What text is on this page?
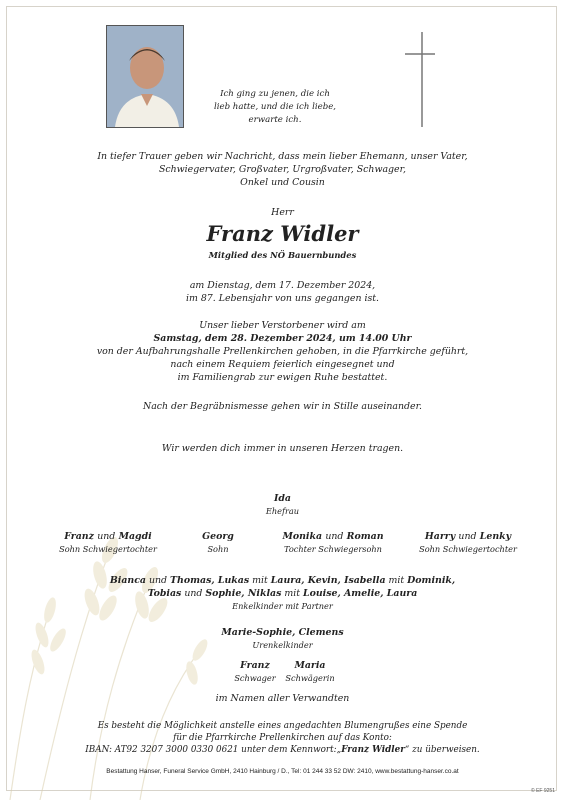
Ich ging zu jenen, die ich
lieb hatte, und die ich liebe,
erwarte ich.
In tiefer Trauer geben wir Nachricht, dass mein lieber Ehemann, unser Vater,
Schwiegervater, Großvater, Urgroßvater, Schwager,
Onkel und Cousin
Herr
Franz Widler
Mitglied des NÖ Bauernbundes
am Dienstag, dem 17. Dezember 2024,
im 87. Lebensjahr von uns gegangen ist.
Unser lieber Verstorbener wird am
Samstag, dem 28. Dezember 2024, um 14.00 Uhr
von der Aufbahrungshalle Prellenkirchen gehoben, in die Pfarrkirche geführt,
nach einem Requiem feierlich eingesegnet und
im Familiengrab zur ewigen Ruhe bestattet.
Nach der Begräbnismesse gehen wir in Stille auseinander.
Wir werden dich immer in unseren Herzen tragen.
Ida
Ehefrau
Franz und Magdi
Sohn Schwiegertochter
Georg
Sohn
Monika und Roman
Tochter Schwiegersohn
Harry und Lenky
Sohn Schwiegertochter
Bianca und Thomas, Lukas mit Laura, Kevin, Isabella mit Dominik,
Tobias und Sophie, Niklas mit Louise, Amelie, Laura
Enkelkinder mit Partner
Marie-Sophie, Clemens
Urenkelkinder
Franz
Schwager
Maria
Schwägerin
im Namen aller Verwandten
Es besteht die Möglichkeit anstelle eines angedachten Blumengrußes eine Spende
für die Pfarrkirche Prellenkirchen auf das Konto:
IBAN: AT92 3207 3000 0330 0621 unter dem Kennwort:„Franz Widler“ zu überweisen.
Bestattung Hanser, Funeral Service GmbH, 2410 Hainburg / D., Tel: 01 244 33 52 DW: 2410, www.bestattung-hanser.co.at
© EF 9251
